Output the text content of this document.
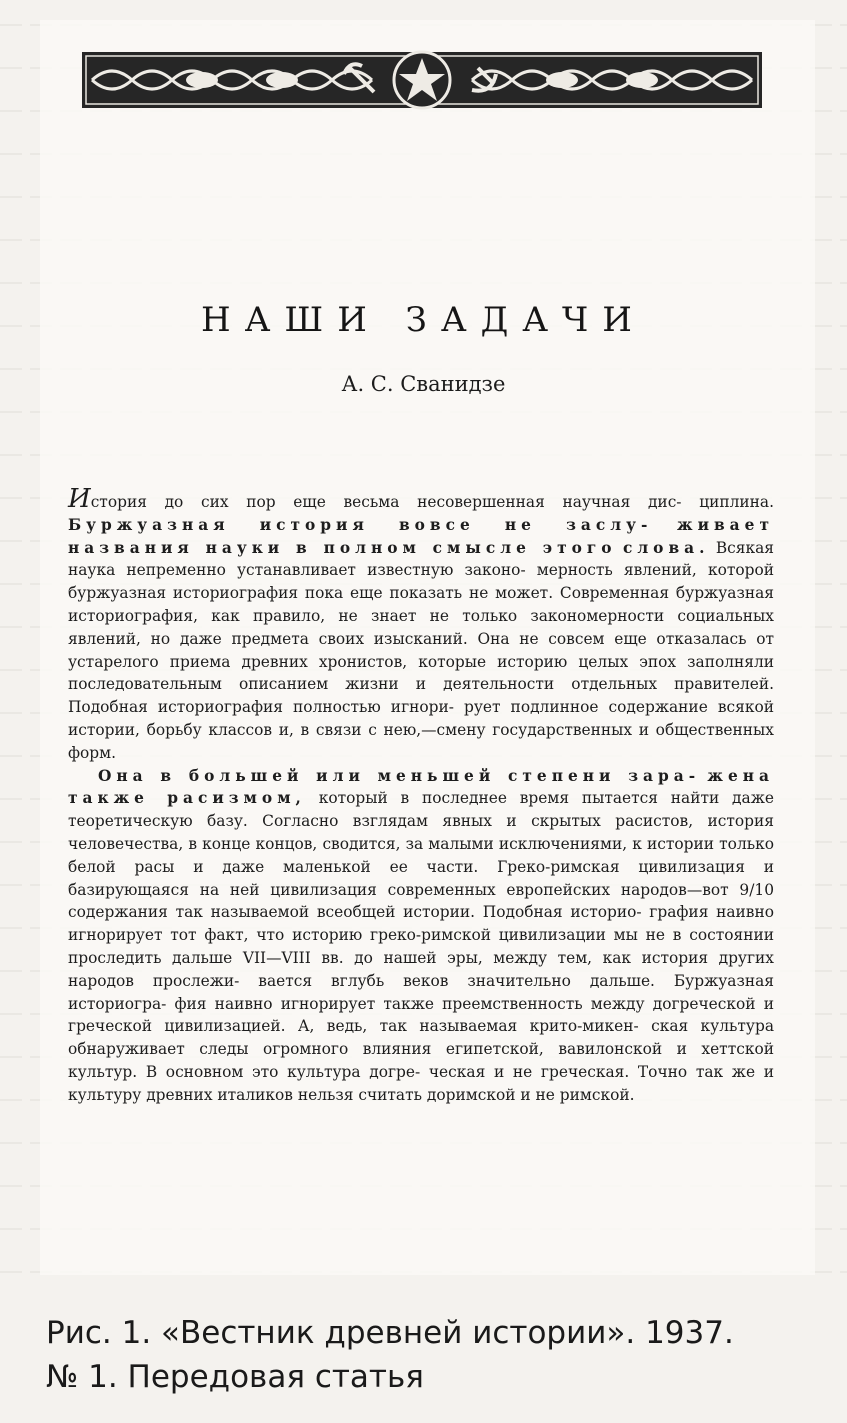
НАШИ ЗАДАЧИ
А. С. Сванидзе

История до сих пор еще весьма несовершенная научная дис- циплина. Буржуазная история вовсе не заслу- живает названия науки в полном смысле этого слова. Всякая наука непременно устанавливает известную законо- мерность явлений, которой буржуазная историография пока еще показать не может. Современная буржуазная историография, как правило, не знает не только закономерности социальных явлений, но даже предмета своих изысканий. Она не совсем еще отказалась от устарелого приема древних хронистов, которые историю целых эпох заполняли последовательным описанием жизни и деятельности отдельных правителей. Подобная историография полностью игнори- рует подлинное содержание всякой истории, борьбу классов и, в связи с нею,—смену государственных и общественных форм.

Она в большей или меньшей степени зара- жена также расизмом, который в последнее время пытается найти даже теоретическую базу. Согласно взглядам явных и скрытых расистов, история человечества, в конце концов, сводится, за малыми исключениями, к истории только белой расы и даже маленькой ее части. Греко-римская цивилизация и базирующаяся на ней цивилизация современных европейских народов—вот 9/10 содержания так называемой всеобщей истории. Подобная историо- графия наивно игнорирует тот факт, что историю греко-римской цивилизации мы не в состоянии проследить дальше VII—VIII вв. до нашей эры, между тем, как история других народов прослежи- вается вглубь веков значительно дальше. Буржуазная историогра- фия наивно игнорирует также преемственность между догреческой и греческой цивилизацией. А, ведь, так называемая крито-микен- ская культура обнаруживает следы огромного влияния египетской, вавилонской и хеттской культур. В основном это культура догре- ческая и не греческая. Точно так же и культуру древних италиков нельзя считать доримской и не римской.

Рис. 1. «Вестник древней истории». 1937.
№ 1. Передовая статья
